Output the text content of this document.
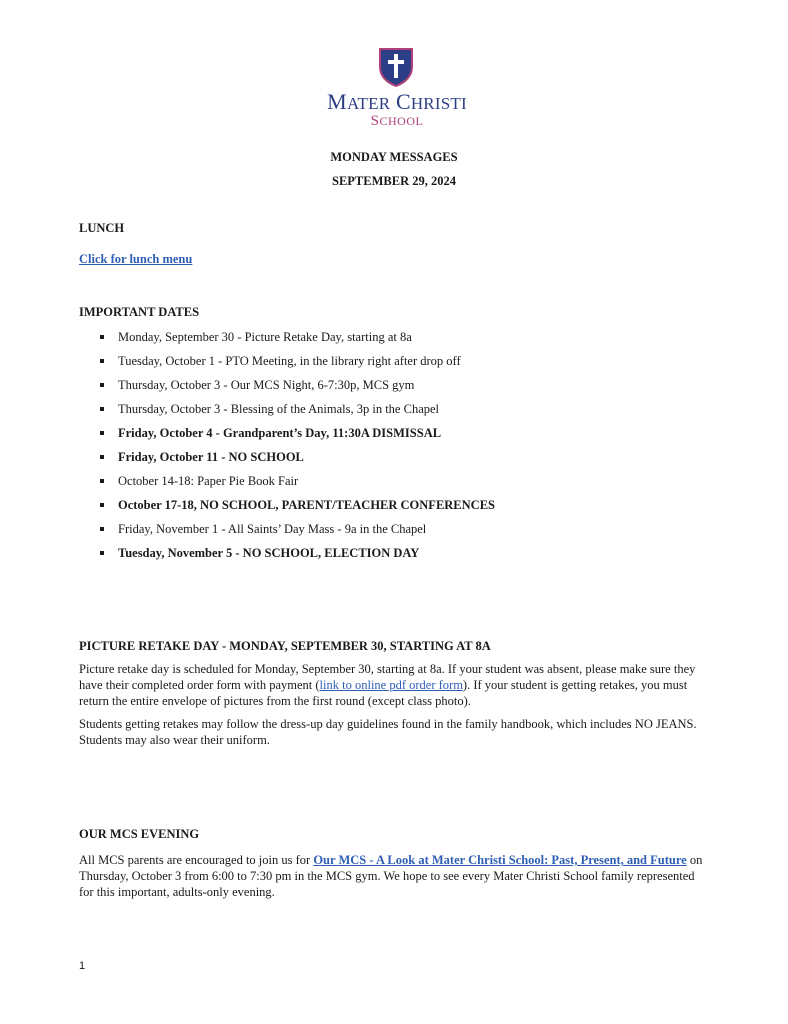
MATER CHRISTI
SCHOOL
MONDAY MESSAGES
SEPTEMBER 29, 2024
LUNCH
Click for lunch menu
IMPORTANT DATES
Monday, September 30 - Picture Retake Day, starting at 8a
Tuesday, October 1 - PTO Meeting, in the library right after drop off
Thursday, October 3 - Our MCS Night, 6-7:30p, MCS gym
Thursday, October 3 - Blessing of the Animals, 3p in the Chapel
Friday, October 4 - Grandparent’s Day, 11:30A DISMISSAL
Friday, October 11 - NO SCHOOL
October 14-18: Paper Pie Book Fair
October 17-18, NO SCHOOL, PARENT/TEACHER CONFERENCES
Friday, November 1 - All Saints’ Day Mass - 9a in the Chapel
Tuesday, November 5 - NO SCHOOL, ELECTION DAY
PICTURE RETAKE DAY - MONDAY, SEPTEMBER 30, STARTING AT 8A
Picture retake day is scheduled for Monday, September 30, starting at 8a. If your student was absent, please make sure they have their completed order form with payment (link to online pdf order form). If your student is getting retakes, you must return the entire envelope of pictures from the first round (except class photo).
Students getting retakes may follow the dress-up day guidelines found in the family handbook, which includes NO JEANS. Students may also wear their uniform.
OUR MCS EVENING
All MCS parents are encouraged to join us for Our MCS - A Look at Mater Christi School: Past, Present, and Future on Thursday, October 3 from 6:00 to 7:30 pm in the MCS gym. We hope to see every Mater Christi School family represented for this important, adults-only evening.
1
